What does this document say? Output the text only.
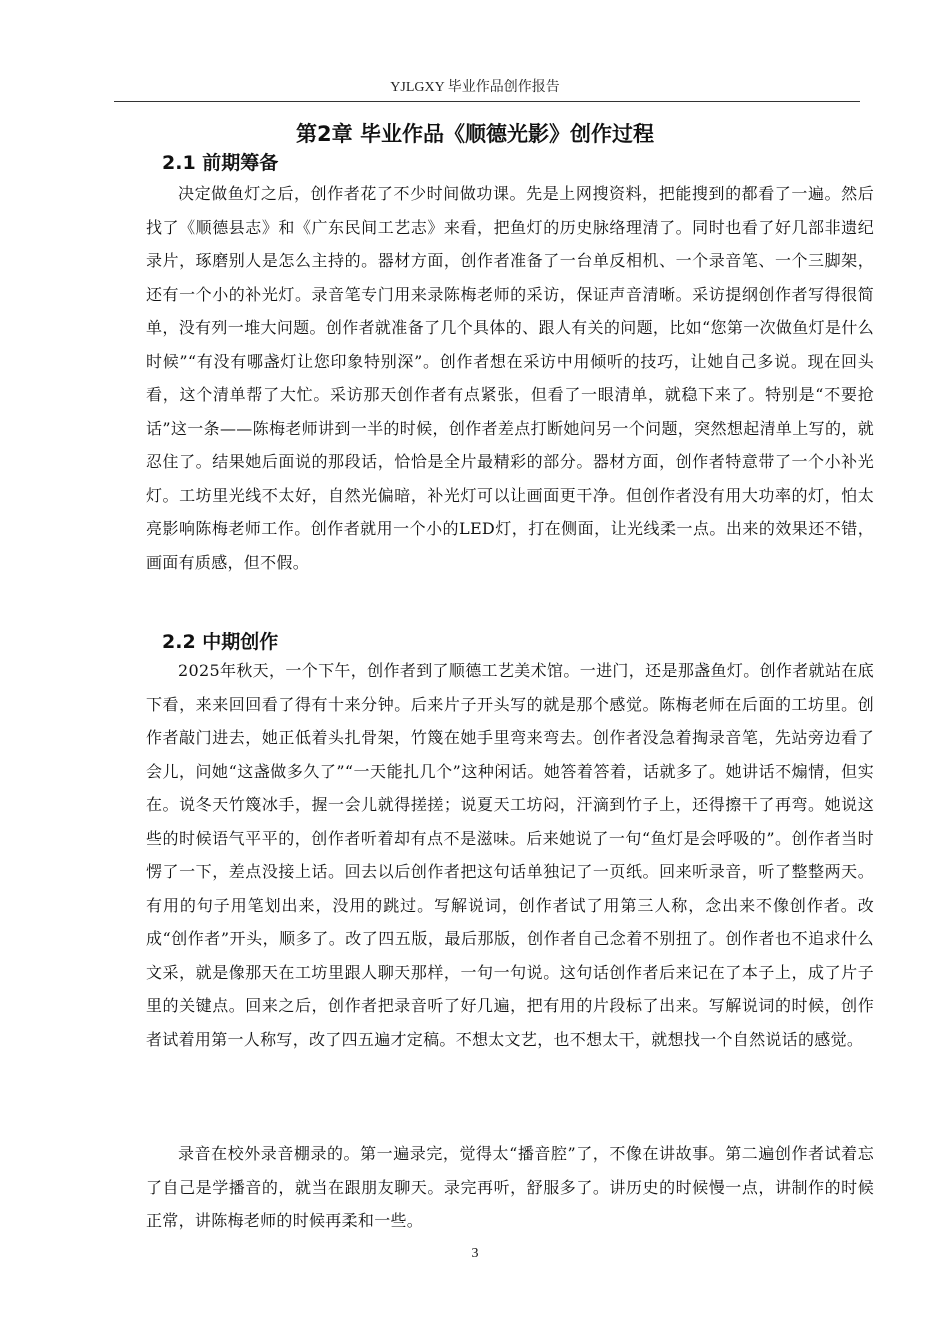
YJLGXY 毕业作品创作报告
第2章 毕业作品《顺德光影》创作过程
2.1 前期筹备

决定做鱼灯之后，创作者花了不少时间做功课。先是上网搜资料，把能搜到的都看了一遍。然后找了《顺德县志》和《广东民间工艺志》来看，把鱼灯的历史脉络理清了。同时也看了好几部非遗纪录片，琢磨别人是怎么主持的。器材方面，创作者准备了一台单反相机、一个录音笔、一个三脚架，还有一个小的补光灯。录音笔专门用来录陈梅老师的采访，保证声音清晰。采访提纲创作者写得很简单，没有列一堆大问题。创作者就准备了几个具体的、跟人有关的问题，比如“您第一次做鱼灯是什么时候”“有没有哪盏灯让您印象特别深”。创作者想在采访中用倾听的技巧，让她自己多说。现在回头看，这个清单帮了大忙。采访那天创作者有点紧张，但看了一眼清单，就稳下来了。特别是“不要抢话”这一条——陈梅老师讲到一半的时候，创作者差点打断她问另一个问题，突然想起清单上写的，就忍住了。结果她后面说的那段话，恰恰是全片最精彩的部分。器材方面，创作者特意带了一个小补光灯。工坊里光线不太好，自然光偏暗，补光灯可以让画面更干净。但创作者没有用大功率的灯，怕太亮影响陈梅老师工作。创作者就用一个小的LED灯，打在侧面，让光线柔一点。出来的效果还不错，画面有质感，但不假。

2.2 中期创作

2025年秋天，一个下午，创作者到了顺德工艺美术馆。一进门，还是那盏鱼灯。创作者就站在底下看，来来回回看了得有十来分钟。后来片子开头写的就是那个感觉。陈梅老师在后面的工坊里。创作者敲门进去，她正低着头扎骨架，竹篾在她手里弯来弯去。创作者没急着掏录音笔，先站旁边看了会儿，问她“这盏做多久了”“一天能扎几个”这种闲话。她答着答着，话就多了。她讲话不煽情，但实在。说冬天竹篾冰手，握一会儿就得搓搓；说夏天工坊闷，汗滴到竹子上，还得擦干了再弯。她说这些的时候语气平平的，创作者听着却有点不是滋味。后来她说了一句“鱼灯是会呼吸的”。创作者当时愣了一下，差点没接上话。回去以后创作者把这句话单独记了一页纸。回来听录音，听了整整两天。有用的句子用笔划出来，没用的跳过。写解说词，创作者试了用第三人称，念出来不像创作者。改成“创作者”开头，顺多了。改了四五版，最后那版，创作者自己念着不别扭了。创作者也不追求什么文采，就是像那天在工坊里跟人聊天那样，一句一句说。这句话创作者后来记在了本子上，成了片子里的关键点。回来之后，创作者把录音听了好几遍，把有用的片段标了出来。写解说词的时候，创作者试着用第一人称写，改了四五遍才定稿。不想太文艺，也不想太干，就想找一个自然说话的感觉。

录音在校外录音棚录的。第一遍录完，觉得太“播音腔”了，不像在讲故事。第二遍创作者试着忘了自己是学播音的，就当在跟朋友聊天。录完再听，舒服多了。讲历史的时候慢一点，讲制作的时候正常，讲陈梅老师的时候再柔和一些。

3
